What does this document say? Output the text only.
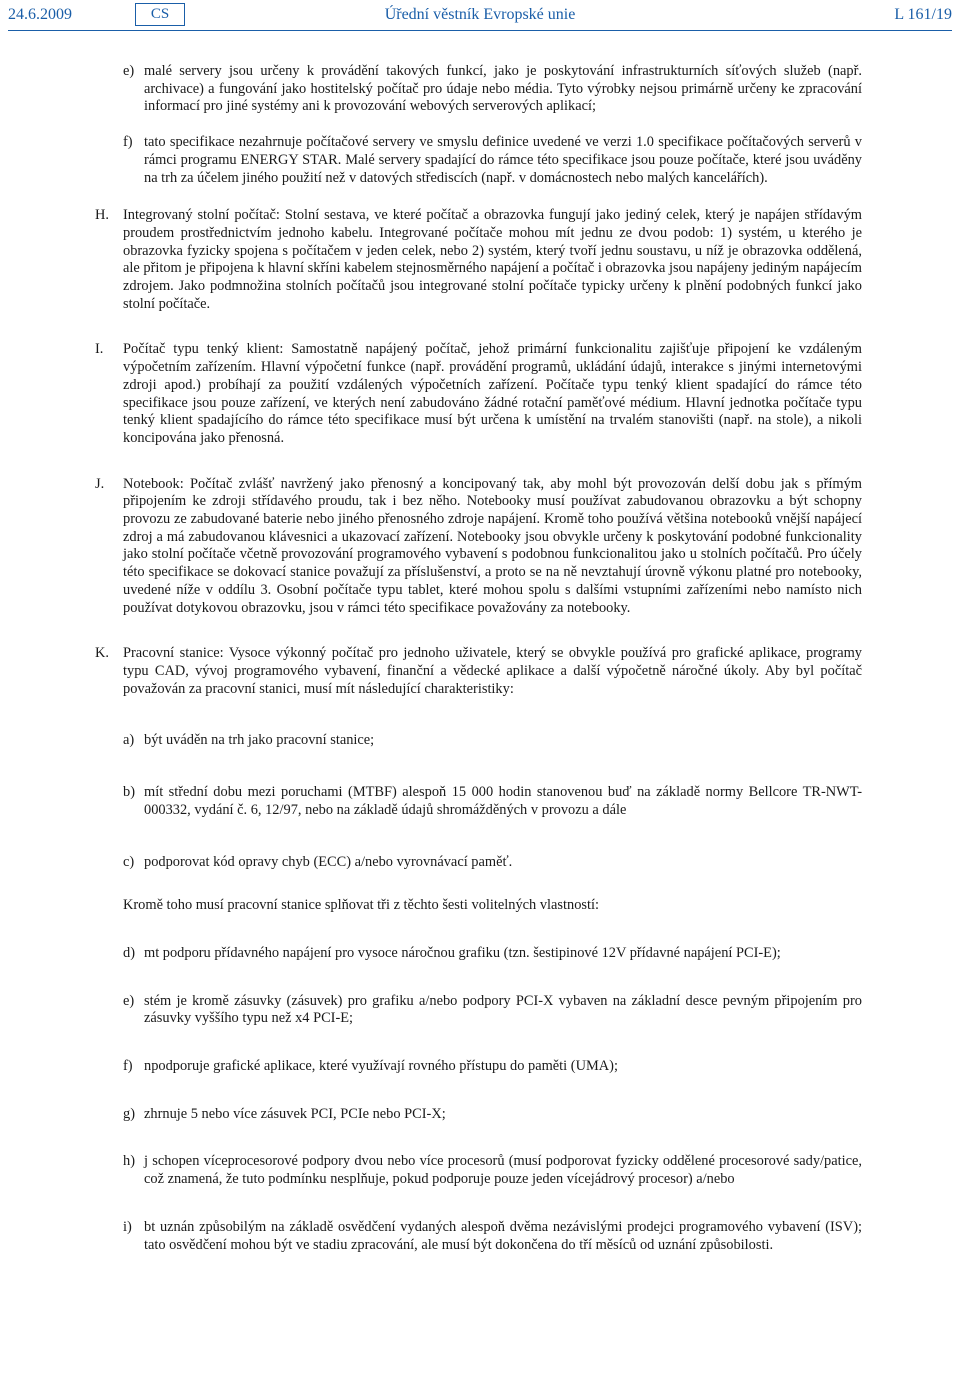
24.6.2009	CS	Úřední věstník Evropské unie	L 161/19
e) malé servery jsou určeny k provádění takových funkcí, jako je poskytování infrastrukturních síťových služeb (např. archivace) a fungování jako hostitelský počítač pro údaje nebo média. Tyto výrobky nejsou primárně určeny ke zpracování informací pro jiné systémy ani k provozování webových serverových aplikací;
f) tato specifikace nezahrnuje počítačové servery ve smyslu definice uvedené ve verzi 1.0 specifikace počítačových serverů v rámci programu ENERGY STAR. Malé servery spadající do rámce této specifikace jsou pouze počítače, které jsou uváděny na trh za účelem jiného použití než v datových střediscích (např. v domácnostech nebo malých kancelářích).
H. Integrovaný stolní počítač: Stolní sestava, ve které počítač a obrazovka fungují jako jediný celek, který je napájen střídavým proudem prostřednictvím jednoho kabelu. Integrované počítače mohou mít jednu ze dvou podob: 1) systém, u kterého je obrazovka fyzicky spojena s počítačem v jeden celek, nebo 2) systém, který tvoří jednu soustavu, u níž je obrazovka oddělená, ale přitom je připojena k hlavní skříni kabelem stejnosměrného napájení a počítač i obrazovka jsou napájeny jediným napájecím zdrojem. Jako podmnožina stolních počítačů jsou integrované stolní počítače typicky určeny k plnění podobných funkcí jako stolní počítače.
I. Počítač typu tenký klient: Samostatně napájený počítač, jehož primární funkcionalitu zajišťuje připojení ke vzdáleným výpočetním zařízením. Hlavní výpočetní funkce (např. provádění programů, ukládání údajů, interakce s jinými internetovými zdroji apod.) probíhají za použití vzdálených výpočetních zařízení. Počítače typu tenký klient spadající do rámce této specifikace jsou pouze zařízení, ve kterých není zabudováno žádné rotační paměťové médium. Hlavní jednotka počítače typu tenký klient spadajícího do rámce této specifikace musí být určena k umístění na trvalém stanovišti (např. na stole), a nikoli koncipována jako přenosná.
J. Notebook: Počítač zvlášť navržený jako přenosný a koncipovaný tak, aby mohl být provozován delší dobu jak s přímým připojením ke zdroji střídavého proudu, tak i bez něho. Notebooky musí používat zabudovanou obrazovku a být schopny provozu ze zabudované baterie nebo jiného přenosného zdroje napájení. Kromě toho používá většina notebooků vnější napájecí zdroj a má zabudovanou klávesnici a ukazovací zařízení. Notebooky jsou obvykle určeny k poskytování podobné funkcionality jako stolní počítače včetně provozování programového vybavení s podobnou funkcionalitou jako u stolních počítačů. Pro účely této specifikace se dokovací stanice považují za příslušenství, a proto se na ně nevztahují úrovně výkonu platné pro notebooky, uvedené níže v oddílu 3. Osobní počítače typu tablet, které mohou spolu s dalšími vstupními zařízeními nebo namísto nich používat dotykovou obrazovku, jsou v rámci této specifikace považovány za notebooky.
K. Pracovní stanice: Vysoce výkonný počítač pro jednoho uživatele, který se obvykle používá pro grafické aplikace, programy typu CAD, vývoj programového vybavení, finanční a vědecké aplikace a další výpočetně náročné úkoly. Aby byl počítač považován za pracovní stanici, musí mít následující charakteristiky:
a) být uváděn na trh jako pracovní stanice;
b) mít střední dobu mezi poruchami (MTBF) alespoň 15 000 hodin stanovenou buď na základě normy Bellcore TR-NWT-000332, vydání č. 6, 12/97, nebo na základě údajů shromážděných v provozu a dále
c) podporovat kód opravy chyb (ECC) a/nebo vyrovnávací paměť.
Kromě toho musí pracovní stanice splňovat tři z těchto šesti volitelných vlastností:
d) mt podporu přídavného napájení pro vysoce náročnou grafiku (tzn. šestipinové 12V přídavné napájení PCI-E);
e) stém je kromě zásuvky (zásuvek) pro grafiku a/nebo podpory PCI-X vybaven na základní desce pevným připojením pro zásuvky vyššího typu než x4 PCI-E;
f) npodporuje grafické aplikace, které využívají rovného přístupu do paměti (UMA);
g) zhrnuje 5 nebo více zásuvek PCI, PCIe nebo PCI-X;
h) j schopen víceprocesorové podpory dvou nebo více procesorů (musí podporovat fyzicky oddělené procesorové sady/patice, což znamená, že tuto podmínku nesplňuje, pokud podporuje pouze jeden vícejádrový procesor) a/nebo
i) bt uznán způsobilým na základě osvědčení vydaných alespoň dvěma nezávislými prodejci programového vybavení (ISV); tato osvědčení mohou být ve stadiu zpracování, ale musí být dokončena do tří měsíců od uznání způsobilosti.
